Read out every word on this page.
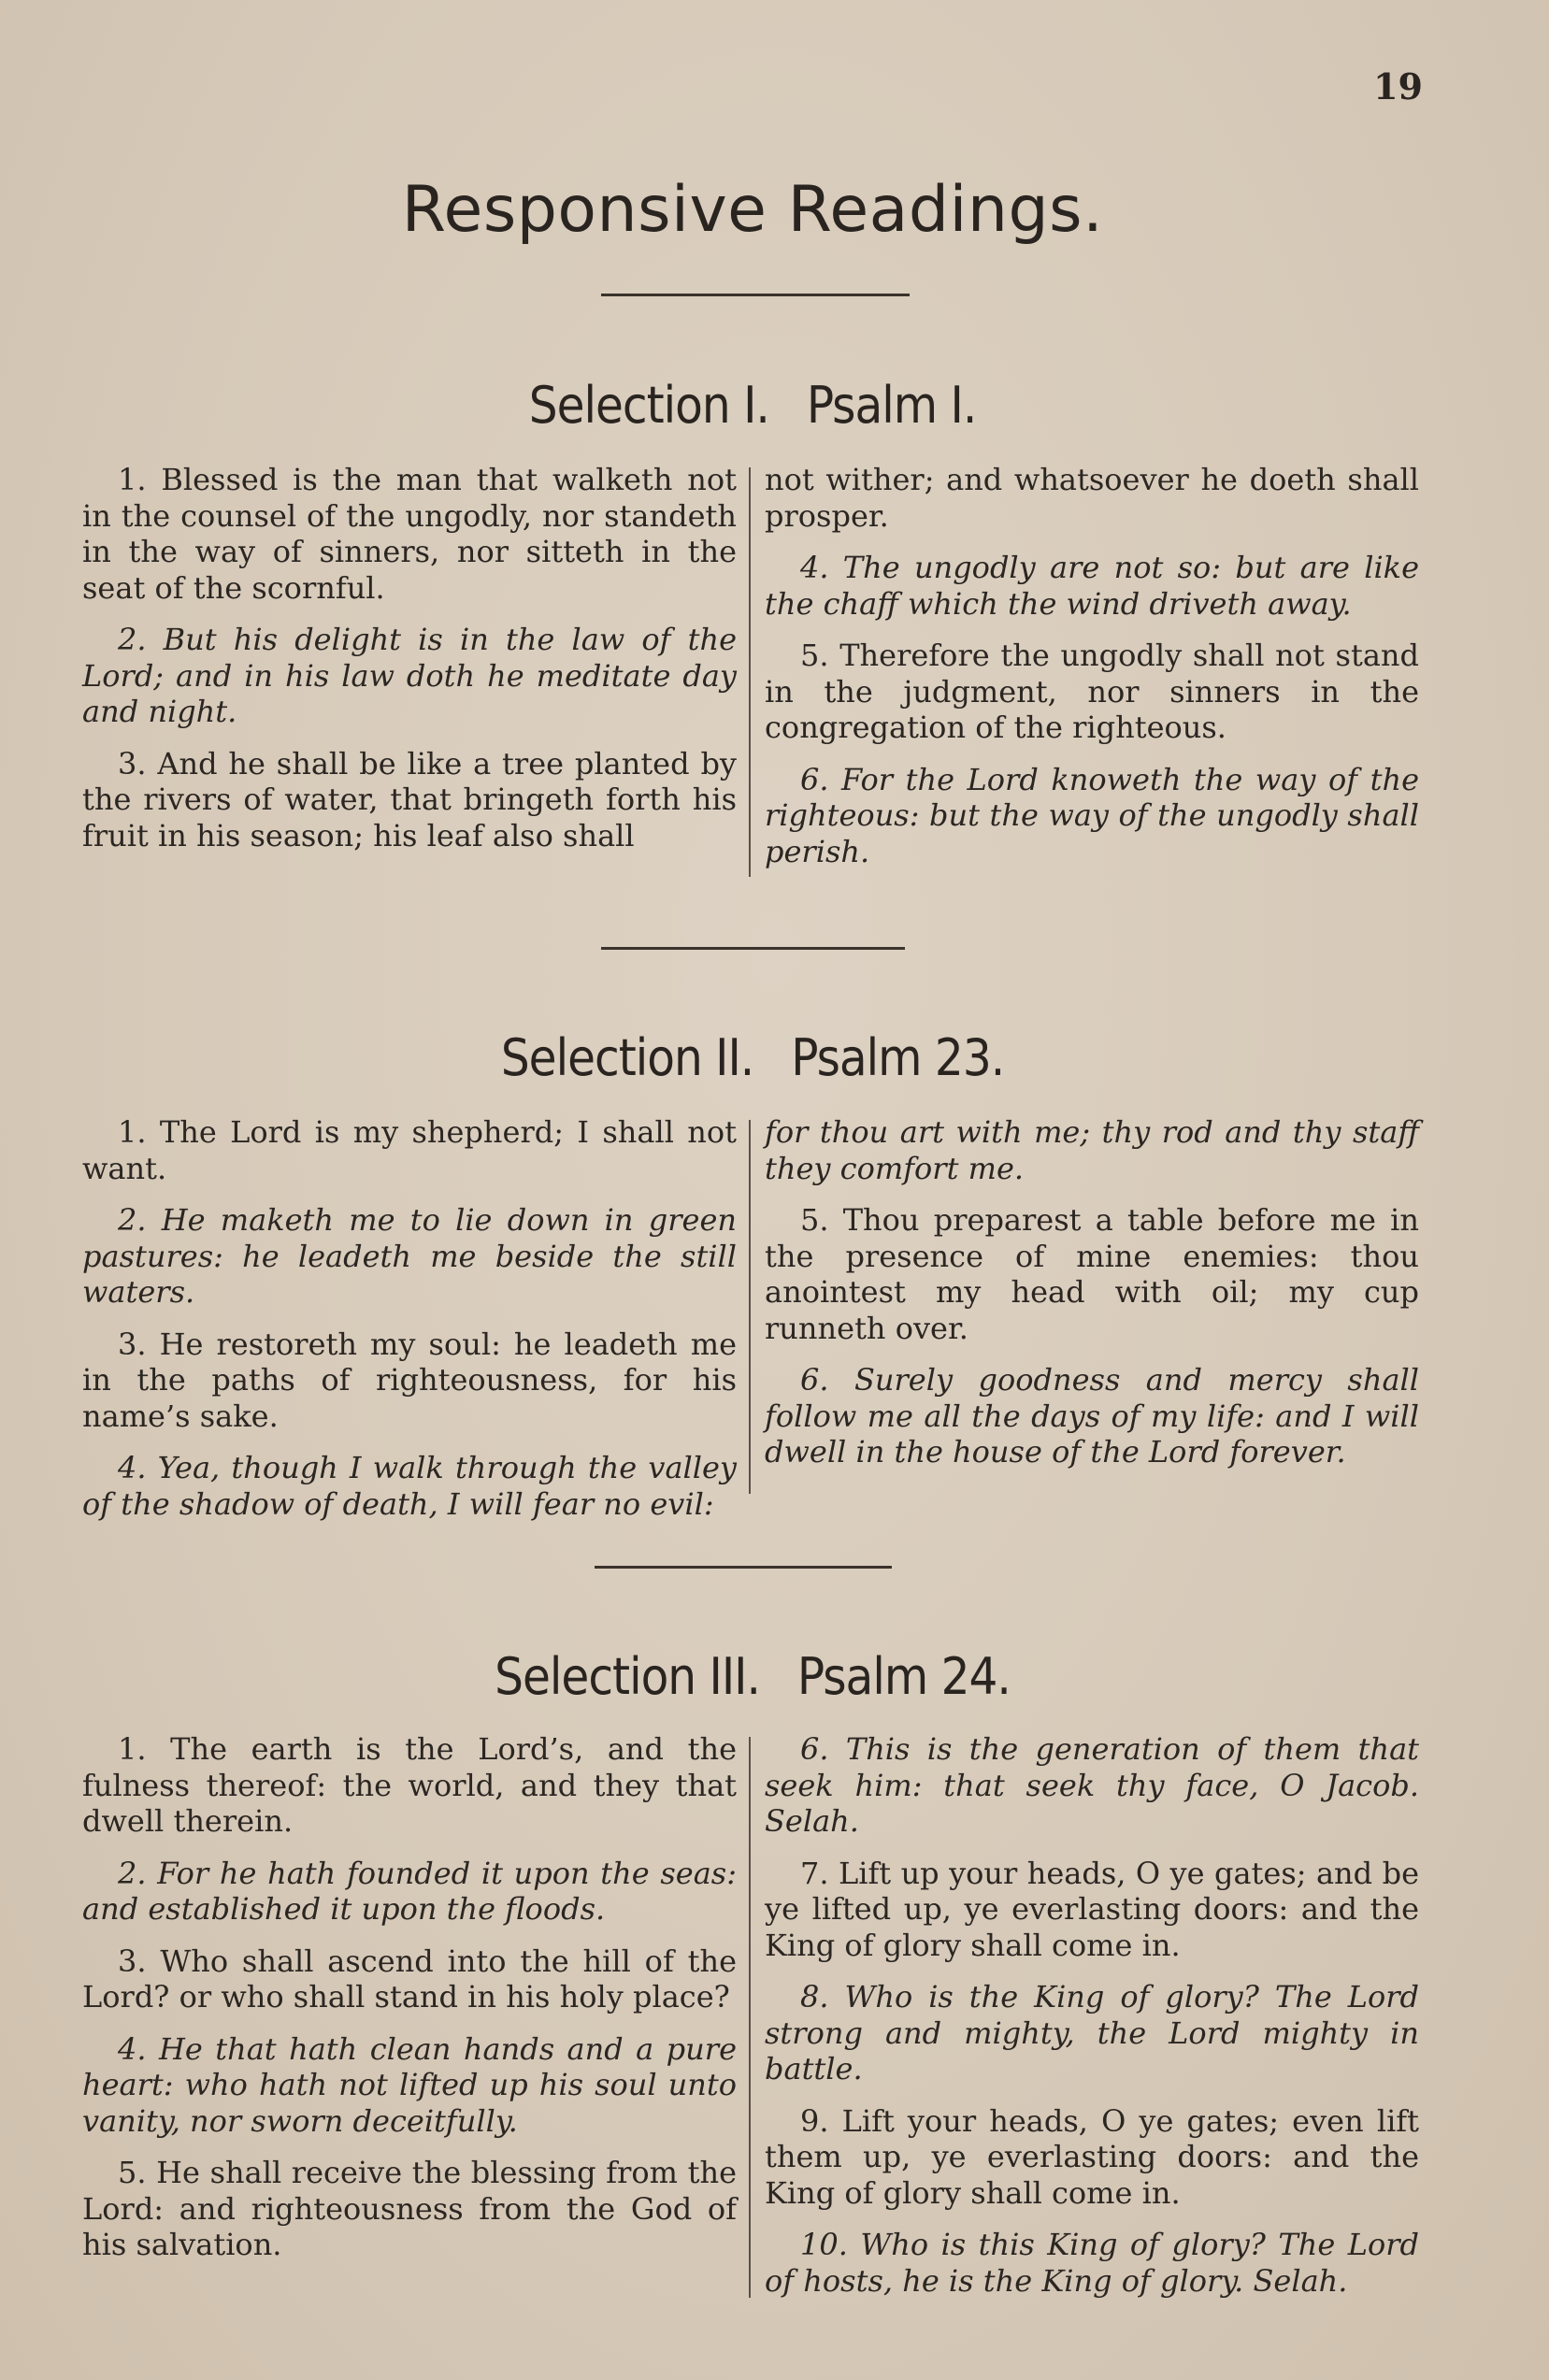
19
Responsive Readings.
Selection I. Psalm I.

1. Blessed is the man that walketh not in the counsel of the ungodly, nor standeth in the way of sinners, nor sitteth in the seat of the scornful.

2. But his delight is in the law of the Lord; and in his law doth he meditate day and night.

3. And he shall be like a tree planted by the rivers of water, that bringeth forth his fruit in his season; his leaf also shall

not wither; and whatsoever he doeth shall prosper.

4. The ungodly are not so: but are like the chaff which the wind driveth away.

5. Therefore the ungodly shall not stand in the judgment, nor sinners in the congregation of the righteous.

6. For the Lord knoweth the way of the righteous: but the way of the ungodly shall perish.

Selection II. Psalm 23.

1. The Lord is my shepherd; I shall not want.

2. He maketh me to lie down in green pastures: he leadeth me beside the still waters.

3. He restoreth my soul: he leadeth me in the paths of righteousness, for his name’s sake.

4. Yea, though I walk through the valley of the shadow of death, I will fear no evil:

for thou art with me; thy rod and thy staff they comfort me.

5. Thou preparest a table before me in the presence of mine enemies: thou anointest my head with oil; my cup runneth over.

6. Surely goodness and mercy shall follow me all the days of my life: and I will dwell in the house of the Lord forever.

Selection III. Psalm 24.

1. The earth is the Lord’s, and the fulness thereof: the world, and they that dwell therein.

2. For he hath founded it upon the seas: and established it upon the floods.

3. Who shall ascend into the hill of the Lord? or who shall stand in his holy place?

4. He that hath clean hands and a pure heart: who hath not lifted up his soul unto vanity, nor sworn deceitfully.

5. He shall receive the blessing from the Lord: and righteousness from the God of his salvation.

6. This is the generation of them that seek him: that seek thy face, O Jacob. Selah.

7. Lift up your heads, O ye gates; and be ye lifted up, ye everlasting doors: and the King of glory shall come in.

8. Who is the King of glory? The Lord strong and mighty, the Lord mighty in battle.

9. Lift your heads, O ye gates; even lift them up, ye everlasting doors: and the King of glory shall come in.

10. Who is this King of glory? The Lord of hosts, he is the King of glory. Selah.
